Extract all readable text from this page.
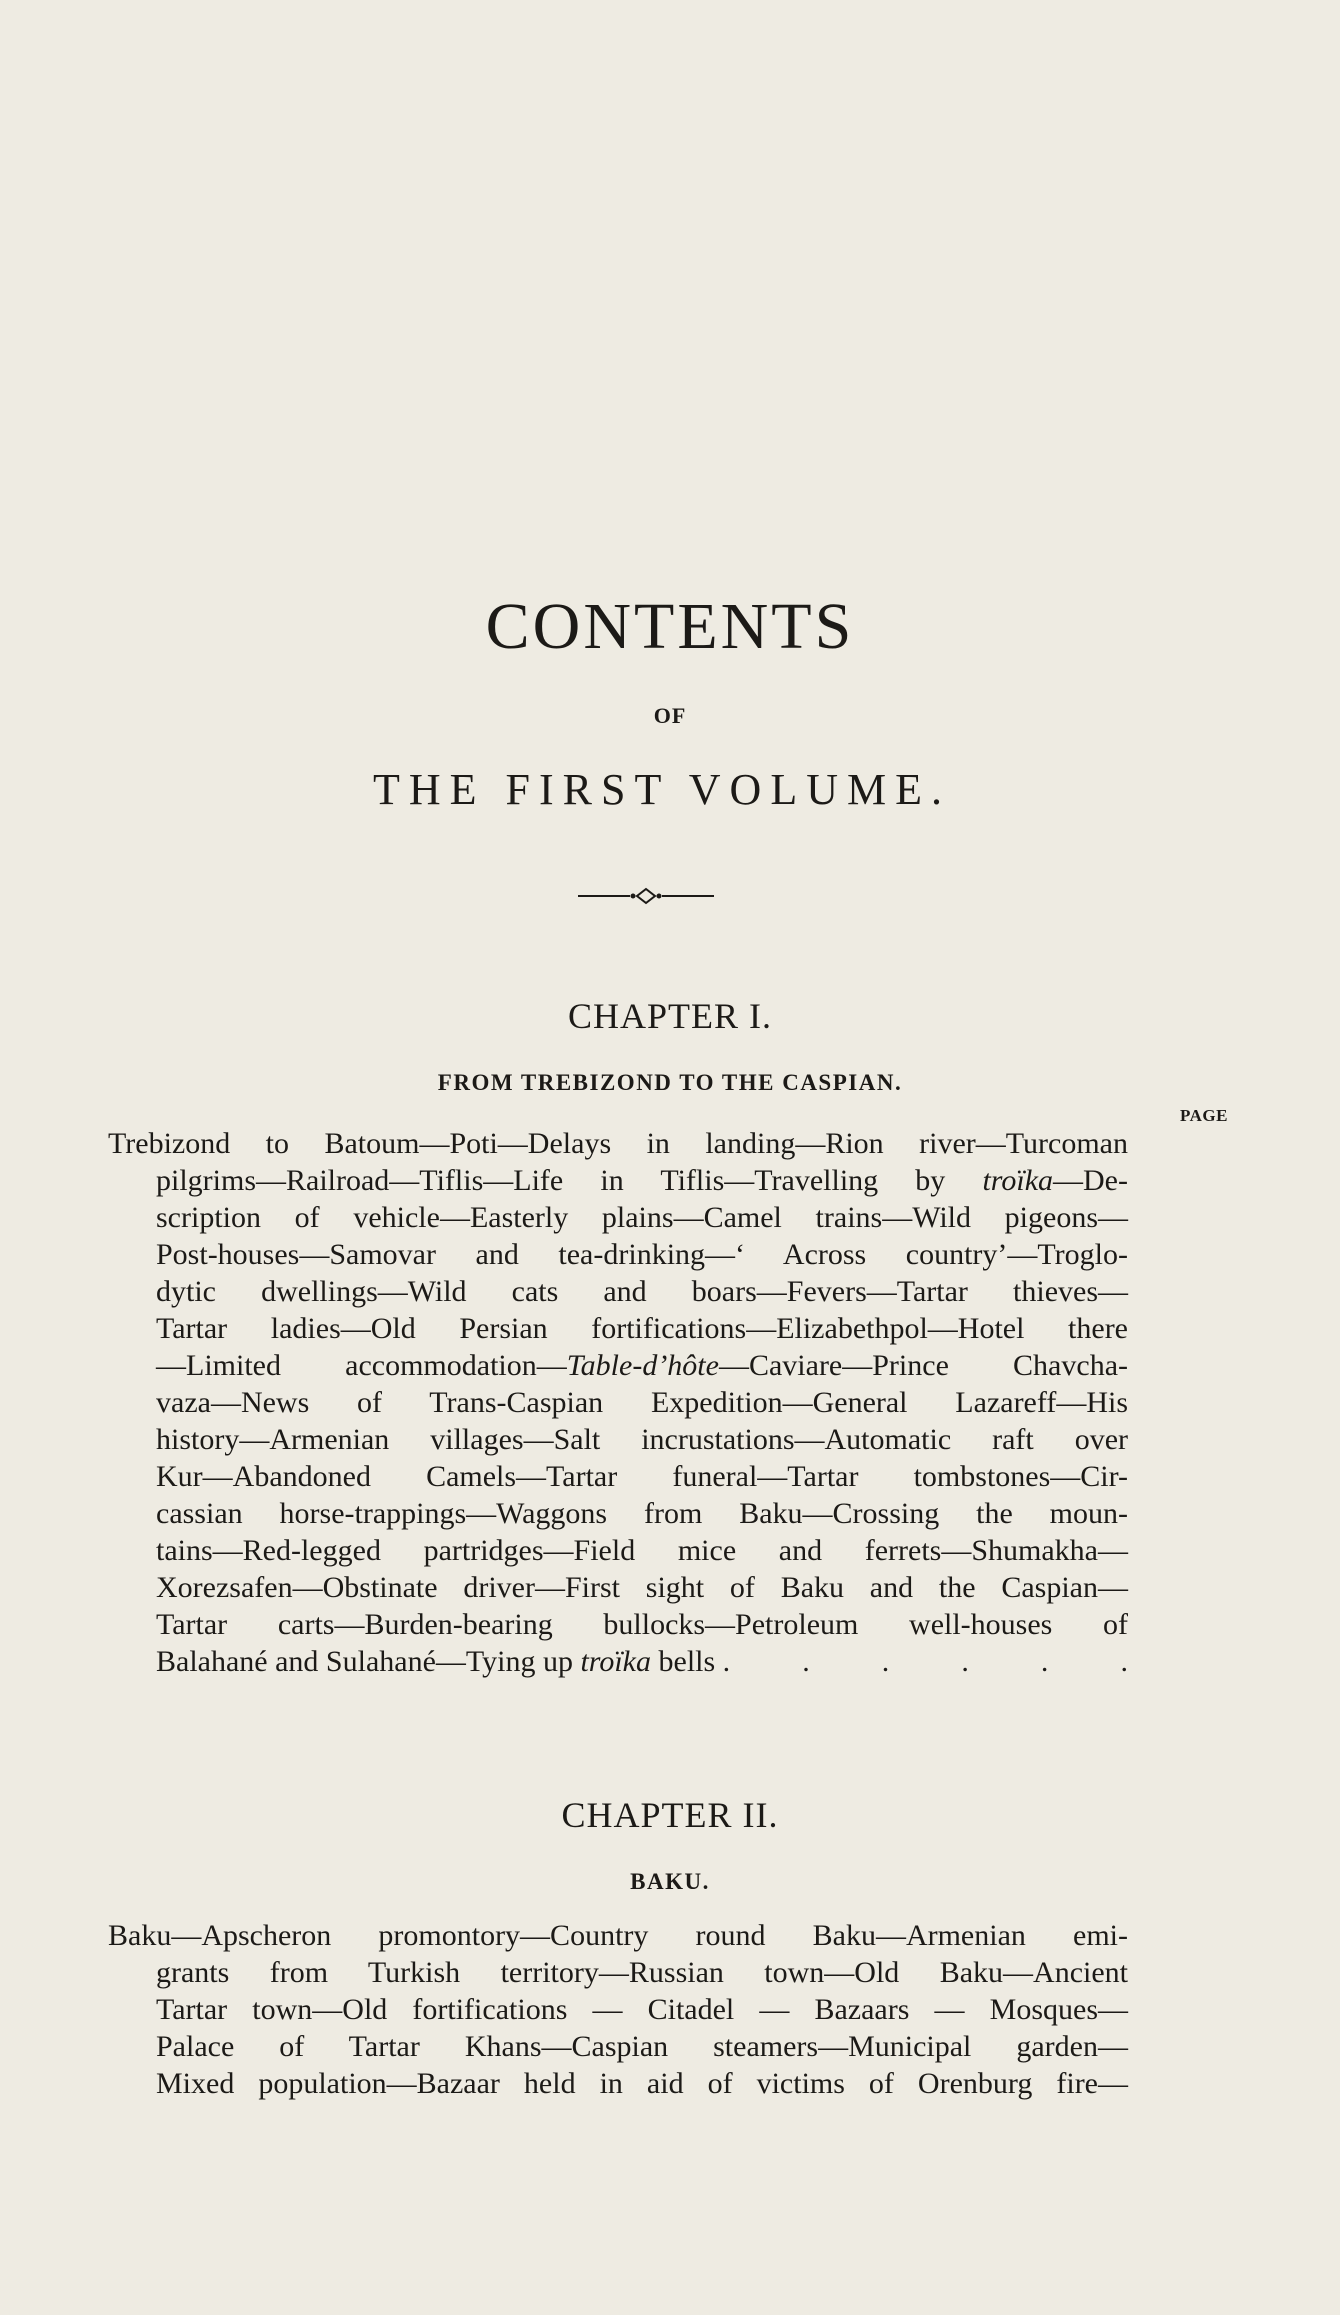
CONTENTS
OF
THE FIRST VOLUME.
CHAPTER I.
FROM TREBIZOND TO THE CASPIAN.
PAGE
Trebizond to Batoum—Poti—Delays in landing—Rion river—Turcoman
pilgrims—Railroad—Tiflis—Life in Tiflis—Travelling by troïka—De-
scription of vehicle—Easterly plains—Camel trains—Wild pigeons—
Post-houses—Samovar and tea-drinking—‘ Across country’—Troglo-
dytic dwellings—Wild cats and boars—Fevers—Tartar thieves—
Tartar ladies—Old Persian fortifications—Elizabethpol—Hotel there
—Limited accommodation—Table-d’hôte—Caviare—Prince Chavcha-
vaza—News of Trans-Caspian Expedition—General Lazareff—His
history—Armenian villages—Salt incrustations—Automatic raft over
Kur—Abandoned Camels—Tartar funeral—Tartar tombstones—Cir-
cassian horse-trappings—Waggons from Baku—Crossing the moun-
tains—Red-legged partridges—Field mice and ferrets—Shumakha—
Xorezsafen—Obstinate driver—First sight of Baku and the Caspian—
Tartar carts—Burden-bearing bullocks—Petroleum well-houses of
Balahané and Sulahané—Tying up troïka bells . . . . . .
CHAPTER II.
BAKU.
Baku—Apscheron promontory—Country round Baku—Armenian emi-
grants from Turkish territory—Russian town—Old Baku—Ancient
Tartar town—Old fortifications — Citadel — Bazaars — Mosques—
Palace of Tartar Khans—Caspian steamers—Municipal garden—
Mixed population—Bazaar held in aid of victims of Orenburg fire—
